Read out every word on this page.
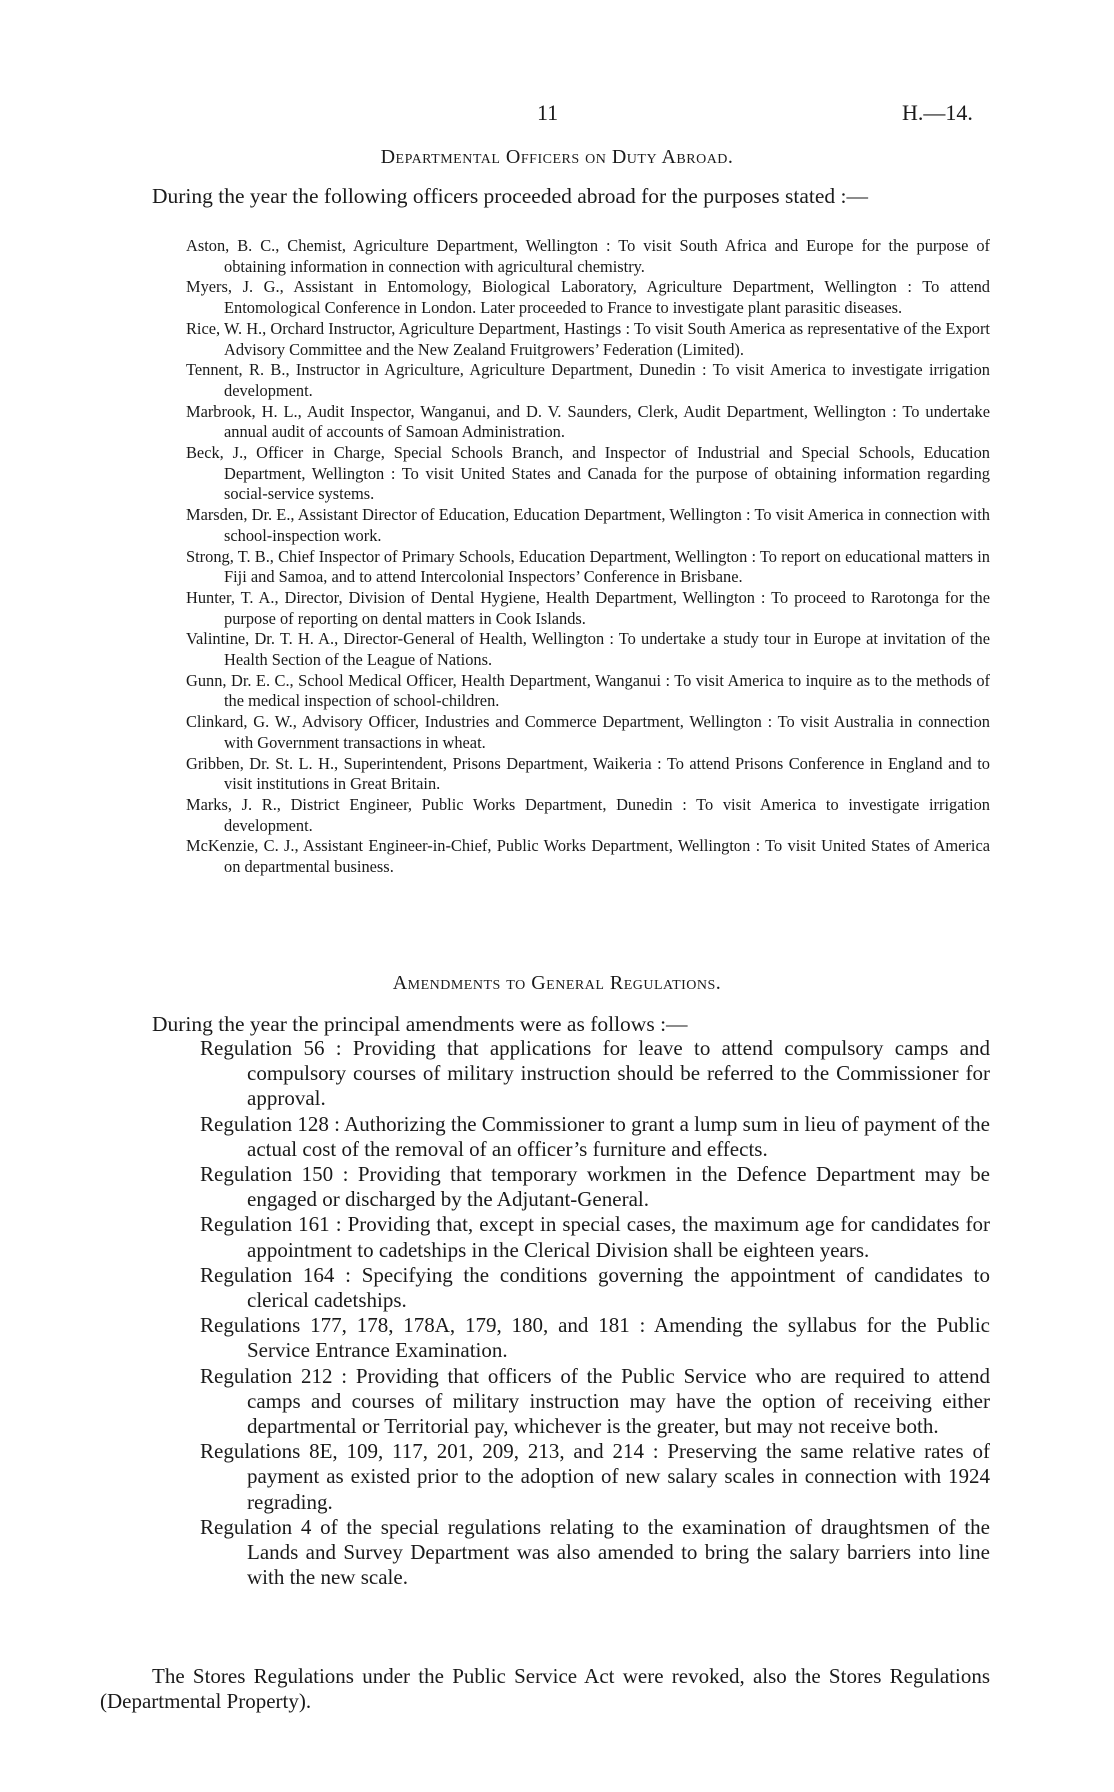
11	H.—14.
Departmental Officers on Duty Abroad.

During the year the following officers proceeded abroad for the purposes stated :—

Aston, B. C., Chemist, Agriculture Department, Wellington : To visit South Africa and Europe for the purpose of obtaining information in connection with agricultural chemistry.

Myers, J. G., Assistant in Entomology, Biological Laboratory, Agriculture Department, Wellington : To attend Entomological Conference in London. Later proceeded to France to investigate plant parasitic diseases.

Rice, W. H., Orchard Instructor, Agriculture Department, Hastings : To visit South America as representative of the Export Advisory Committee and the New Zealand Fruitgrowers’ Federation (Limited).

Tennent, R. B., Instructor in Agriculture, Agriculture Department, Dunedin : To visit America to investigate irrigation development.

Marbrook, H. L., Audit Inspector, Wanganui, and D. V. Saunders, Clerk, Audit Department, Wellington : To undertake annual audit of accounts of Samoan Administration.

Beck, J., Officer in Charge, Special Schools Branch, and Inspector of Industrial and Special Schools, Education Department, Wellington : To visit United States and Canada for the purpose of obtaining information regarding social-service systems.

Marsden, Dr. E., Assistant Director of Education, Education Department, Wellington : To visit America in connection with school-inspection work.

Strong, T. B., Chief Inspector of Primary Schools, Education Department, Wellington : To report on educational matters in Fiji and Samoa, and to attend Intercolonial Inspectors’ Conference in Brisbane.

Hunter, T. A., Director, Division of Dental Hygiene, Health Department, Wellington : To proceed to Rarotonga for the purpose of reporting on dental matters in Cook Islands.

Valintine, Dr. T. H. A., Director-General of Health, Wellington : To undertake a study tour in Europe at invitation of the Health Section of the League of Nations.

Gunn, Dr. E. C., School Medical Officer, Health Department, Wanganui : To visit America to inquire as to the methods of the medical inspection of school-children.

Clinkard, G. W., Advisory Officer, Industries and Commerce Department, Wellington : To visit Australia in connection with Government transactions in wheat.

Gribben, Dr. St. L. H., Superintendent, Prisons Department, Waikeria : To attend Prisons Conference in England and to visit institutions in Great Britain.

Marks, J. R., District Engineer, Public Works Department, Dunedin : To visit America to investigate irrigation development.

McKenzie, C. J., Assistant Engineer-in-Chief, Public Works Department, Wellington : To visit United States of America on departmental business.

Amendments to General Regulations.

During the year the principal amendments were as follows :—

Regulation 56 : Providing that applications for leave to attend compulsory camps and compulsory courses of military instruction should be referred to the Commissioner for approval.

Regulation 128 : Authorizing the Commissioner to grant a lump sum in lieu of payment of the actual cost of the removal of an officer’s furniture and effects.

Regulation 150 : Providing that temporary workmen in the Defence Department may be engaged or discharged by the Adjutant-General.

Regulation 161 : Providing that, except in special cases, the maximum age for candidates for appointment to cadetships in the Clerical Division shall be eighteen years.

Regulation 164 : Specifying the conditions governing the appointment of candidates to clerical cadetships.

Regulations 177, 178, 178A, 179, 180, and 181 : Amending the syllabus for the Public Service Entrance Examination.

Regulation 212 : Providing that officers of the Public Service who are required to attend camps and courses of military instruction may have the option of receiving either departmental or Territorial pay, whichever is the greater, but may not receive both.

Regulations 8E, 109, 117, 201, 209, 213, and 214 : Preserving the same relative rates of payment as existed prior to the adoption of new salary scales in connection with 1924 regrading.

Regulation 4 of the special regulations relating to the examination of draughtsmen of the Lands and Survey Department was also amended to bring the salary barriers into line with the new scale.

The Stores Regulations under the Public Service Act were revoked, also the Stores Regulations (Departmental Property).
